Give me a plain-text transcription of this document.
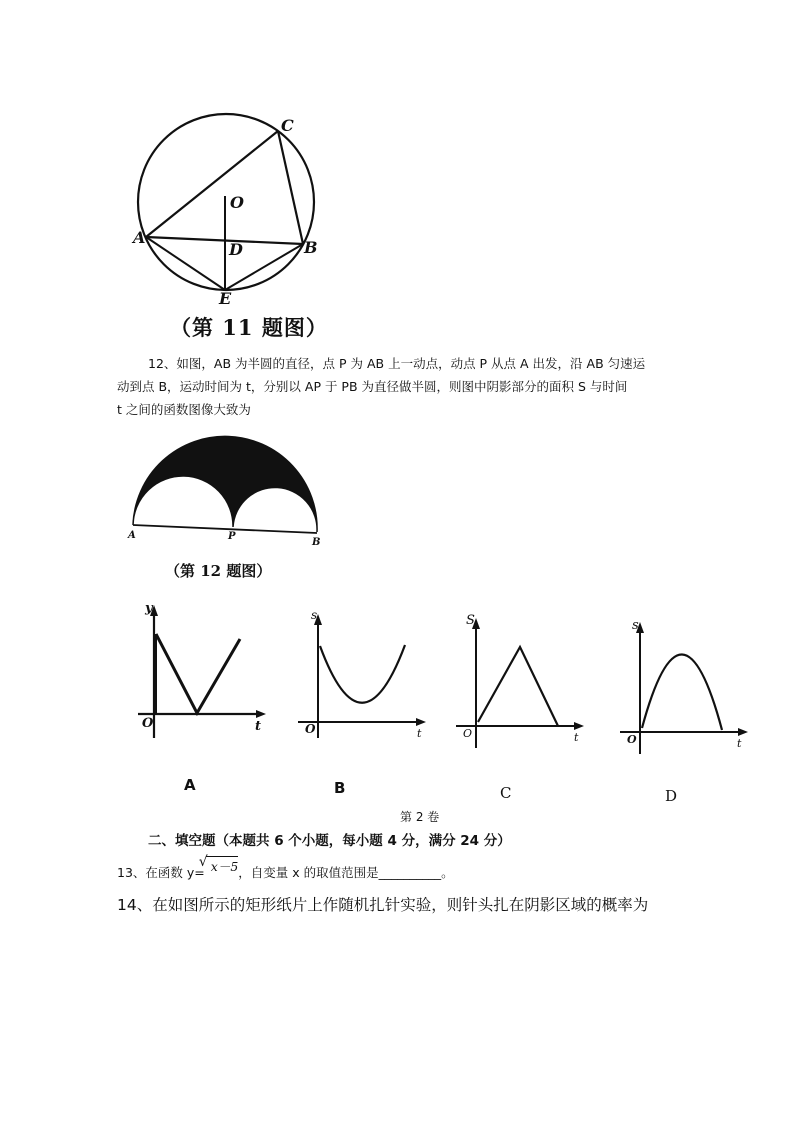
C
O
A
D	B
E
（第 11 题图）
12、如图，AB 为半圆的直径，点 P 为 AB 上一动点，动点 P 从点 A 出发，沿 AB 匀速运
动到点 B，运动时间为 t，分别以 AP 于 PB 为直径做半圆，则图中阴影部分的面积 S 与时间
t 之间的函数图像大致为
A	P
B
（第 12 题图）
y
O	t
s
O	t
S
O	t
s
O	t
A	B	C	D
第 2 卷
二、填空题（本题共 6 个小题，每小题 4 分，满分 24 分）
13、在函数 y=
√ x－5，自变量 x 的取值范围是__________。
14、在如图所示的矩形纸片上作随机扎针实验，则针头扎在阴影区域的概率为
